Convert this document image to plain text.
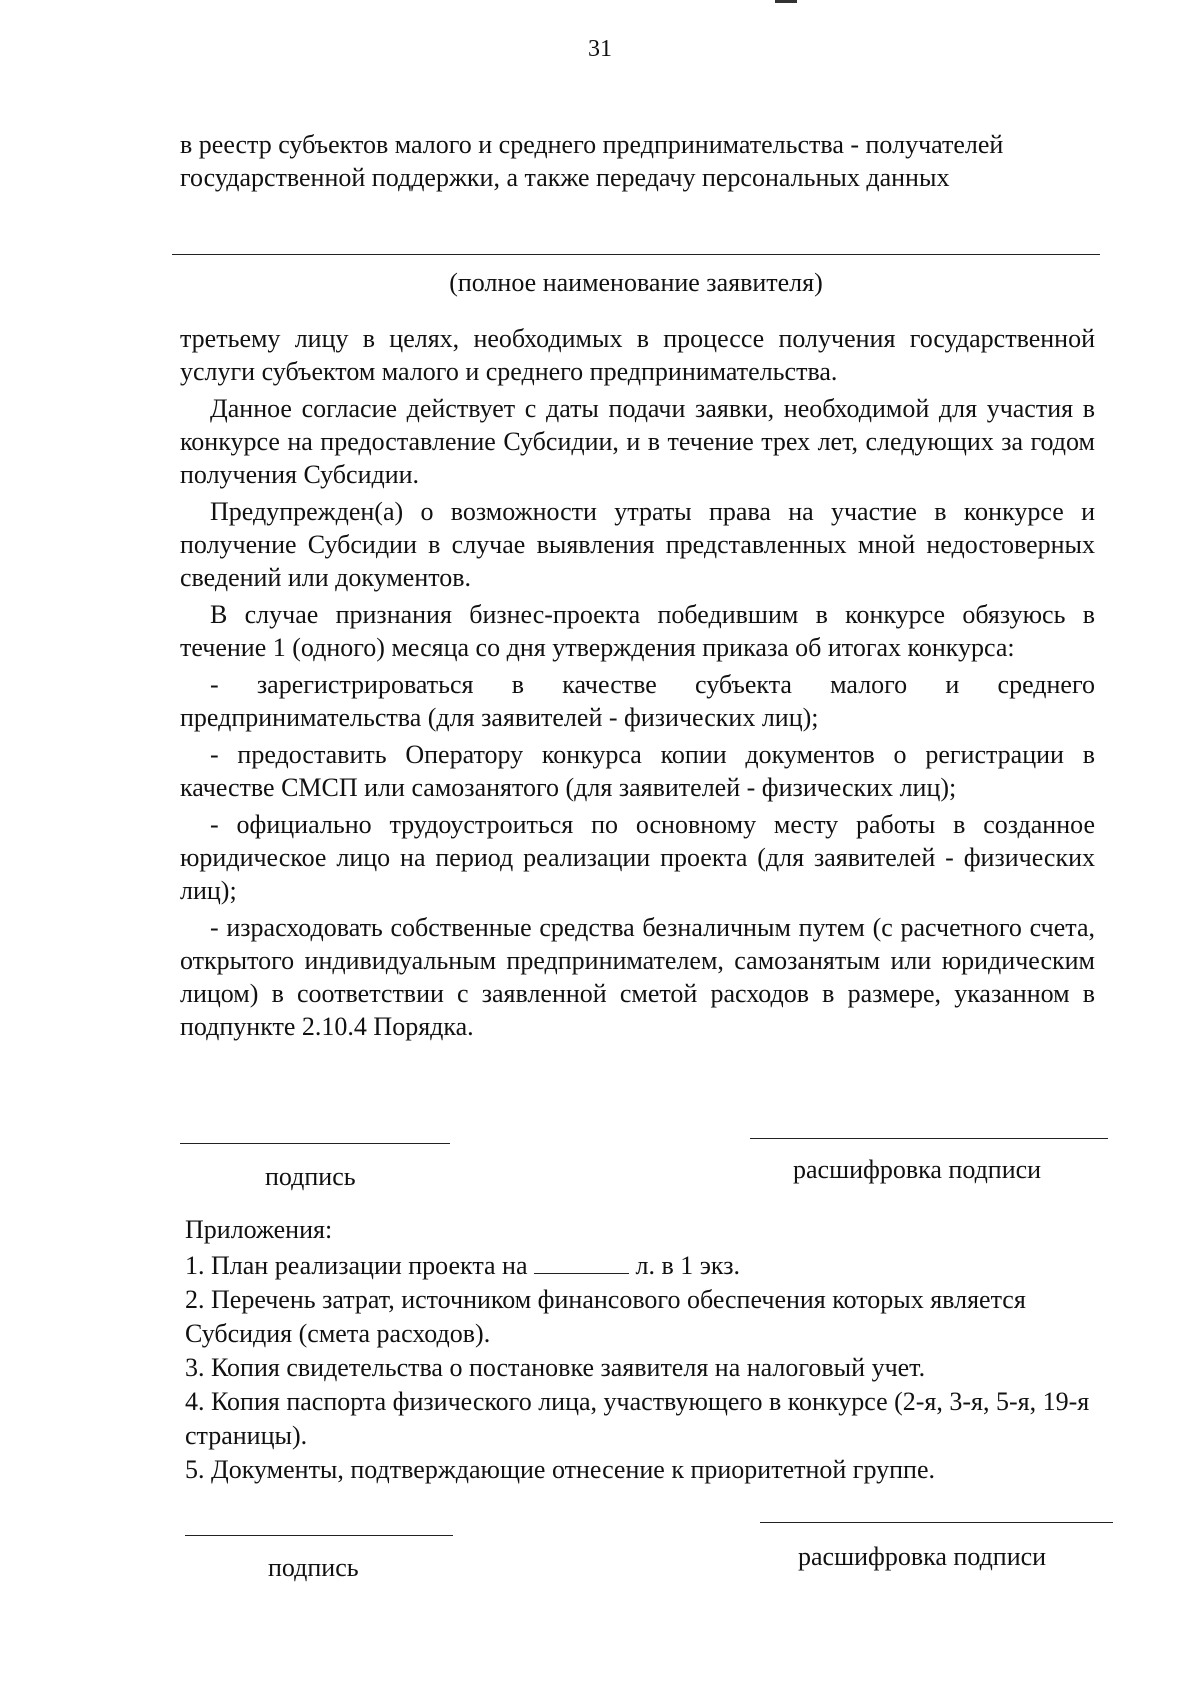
31
в реестр субъектов малого и среднего предпринимательства - получателей государственной поддержки, а также передачу персональных данных
(полное наименование заявителя)

третьему лицу в целях, необходимых в процессе получения государственной услуги субъектом малого и среднего предпринимательства.

Данное согласие действует с даты подачи заявки, необходимой для участия в конкурсе на предоставление Субсидии, и в течение трех лет, следующих за годом получения Субсидии.

Предупрежден(а) о возможности утраты права на участие в конкурсе и получение Субсидии в случае выявления представленных мной недостоверных сведений или документов.

В случае признания бизнес-проекта победившим в конкурсе обязуюсь в течение 1 (одного) месяца со дня утверждения приказа об итогах конкурса:

- зарегистрироваться в качестве субъекта малого и среднего предпринимательства (для заявителей - физических лиц);

- предоставить Оператору конкурса копии документов о регистрации в качестве СМСП или самозанятого (для заявителей - физических лиц);

- официально трудоустроиться по основному месту работы в созданное юридическое лицо на период реализации проекта (для заявителей - физических лиц);

- израсходовать собственные средства безналичным путем (с расчетного счета, открытого индивидуальным предпринимателем, самозанятым или юридическим лицом) в соответствии с заявленной сметой расходов в размере, указанном в подпункте 2.10.4 Порядка.

подпись	расшифровка подписи

Приложения:

1. План реализации проекта на	л. в 1 экз.

2. Перечень затрат, источником финансового обеспечения которых является Субсидия (смета расходов).

3. Копия свидетельства о постановке заявителя на налоговый учет.

4. Копия паспорта физического лица, участвующего в конкурсе (2-я, 3-я, 5-я, 19-я страницы).

5. Документы, подтверждающие отнесение к приоритетной группе.

подпись	расшифровка подписи
